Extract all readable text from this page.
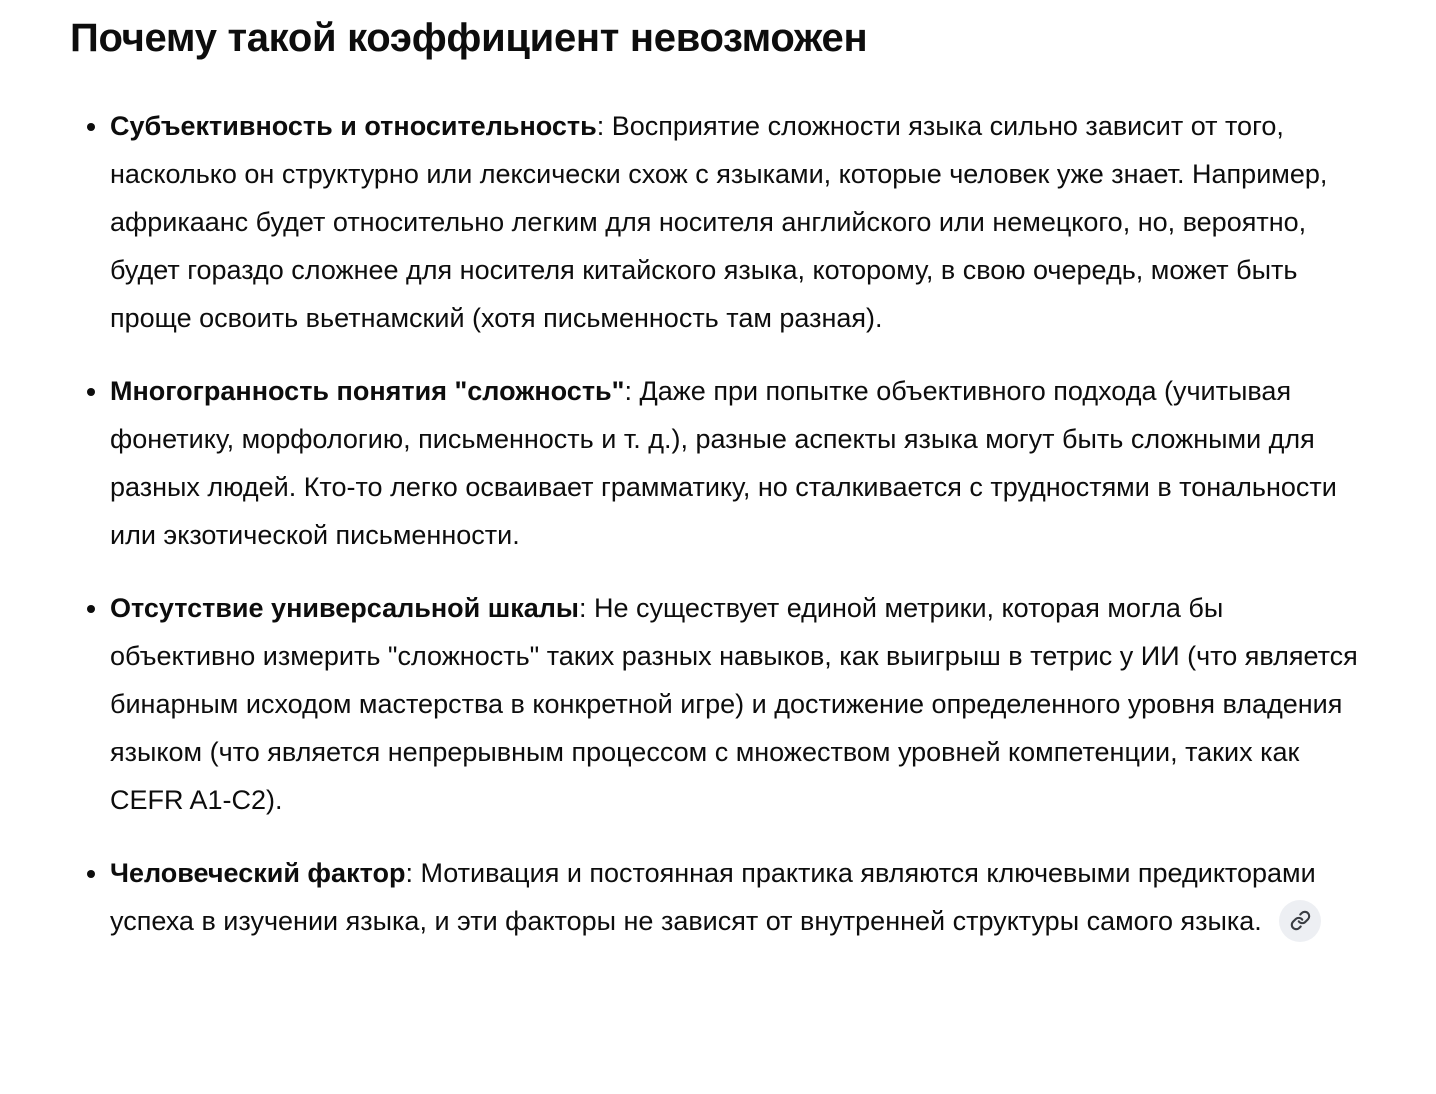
Почему такой коэффициент невозможен
• Субъективность и относительность: Восприятие сложности языка сильно зависит от того, насколько он структурно или лексически схож с языками, которые человек уже знает. Например, африкаанс будет относительно легким для носителя английского или немецкого, но, вероятно, будет гораздо сложнее для носителя китайского языка, которому, в свою очередь, может быть проще освоить вьетнамский (хотя письменность там разная).
• Многогранность понятия "сложность": Даже при попытке объективного подхода (учитывая фонетику, морфологию, письменность и т. д.), разные аспекты языка могут быть сложными для разных людей. Кто-то легко осваивает грамматику, но сталкивается с трудностями в тональности или экзотической письменности.
• Отсутствие универсальной шкалы: Не существует единой метрики, которая могла бы объективно измерить "сложность" таких разных навыков, как выигрыш в тетрис у ИИ (что является бинарным исходом мастерства в конкретной игре) и достижение определенного уровня владения языком (что является непрерывным процессом с множеством уровней компетенции, таких как CEFR A1-C2).
• Человеческий фактор: Мотивация и постоянная практика являются ключевыми предикторами успеха в изучении языка, и эти факторы не зависят от внутренней структуры самого языка.
